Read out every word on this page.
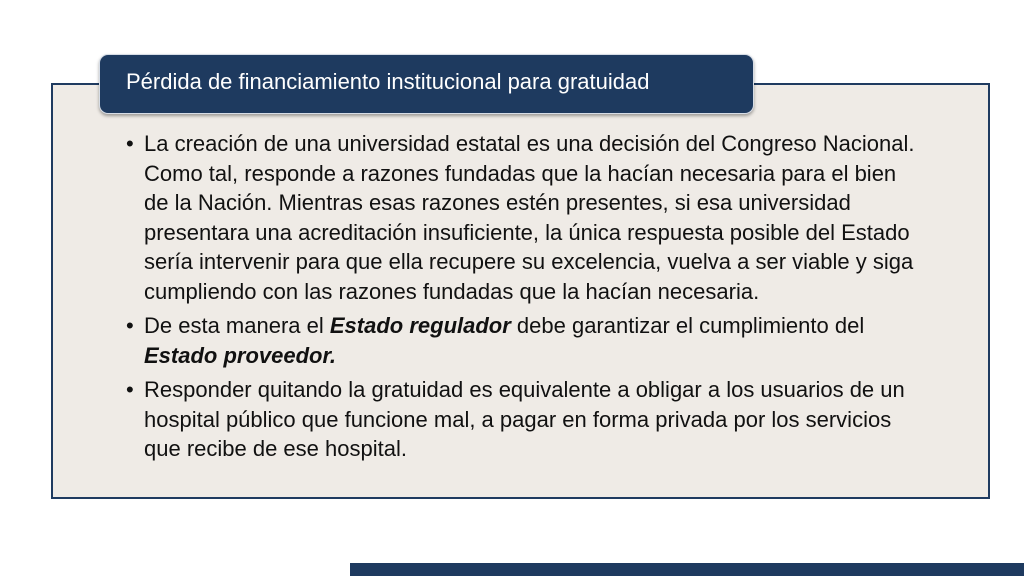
Pérdida de financiamiento institucional para gratuidad
• La creación de una universidad estatal es una decisión del Congreso Nacional. Como tal, responde a razones fundadas que la hacían necesaria para el bien de la Nación. Mientras esas razones estén presentes, si esa universidad presentara una acreditación insuficiente, la única respuesta posible del Estado sería intervenir para que ella recupere su excelencia, vuelva a ser viable y siga cumpliendo con las razones fundadas que la hacían necesaria.
• De esta manera el Estado regulador debe garantizar el cumplimiento del Estado proveedor.
• Responder quitando la gratuidad es equivalente a obligar a los usuarios de un hospital público que funcione mal, a pagar en forma privada por los servicios que recibe de ese hospital.
